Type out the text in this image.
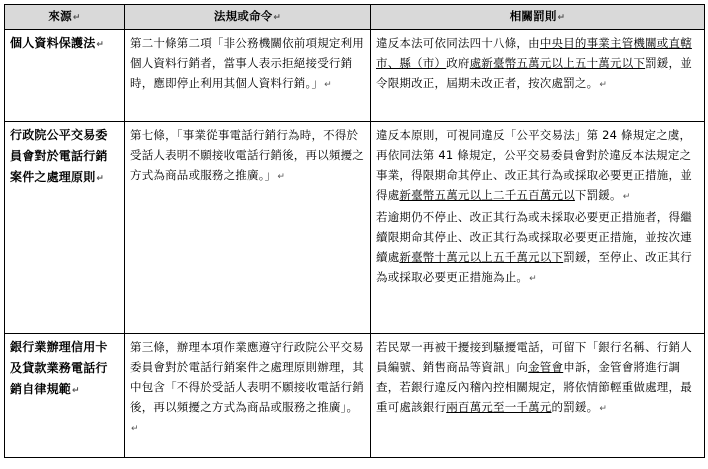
來源↵	法規或命令↵	相關罰則↵
個人資料保護法↵	第二十條第二項「非公務機關依前項規定利用個人資料行銷者，當事人表示拒絕接受行銷時，應即停止利用其個人資料行銷。」↵	違反本法可依同法四十八條，由中央目的事業主管機關或直轄市、縣（市）政府處新臺幣五萬元以上五十萬元以下罰鍰，並令限期改正，屆期未改正者，按次處罰之。↵

行政院公平交易委員會對於電話行銷案件之處理原則↵	第七條，「事業從事電話行銷行為時，不得於受話人表明不願接收電話行銷後，再以頻擾之方式為商品或服務之推廣。」↵	違反本原則，可視同違反「公平交易法」第 24 條規定之虞，再依同法第 41 條規定，公平交易委員會對於違反本法規定之事業，得限期命其停止、改正其行為或採取必要更正措施，並得處新臺幣五萬元以上二千五百萬元以下罰鍰。↵
若逾期仍不停止、改正其行為或未採取必要更正措施者，得繼續限期命其停止、改正其行為或採取必要更正措施，並按次連續處新臺幣十萬元以上五千萬元以下罰鍰，至停止、改正其行為或採取必要更正措施為止。↵

銀行業辦理信用卡及貸款業務電話行銷自律規範↵	第三條，辦理本項作業應遵守行政院公平交易委員會對於電話行銷案件之處理原則辦理，其中包含「不得於受話人表明不願接收電話行銷後，再以頻擾之方式為商品或服務之推廣」。↵	若民眾一再被干擾接到騷擾電話，可留下「銀行名稱、行銷人員編號、銷售商品等資訊」向金管會申訴，金管會將進行調查，若銀行違反內稽內控相關規定，將依情節輕重做處理，最重可處該銀行兩百萬元至一千萬元的罰鍰。↵
